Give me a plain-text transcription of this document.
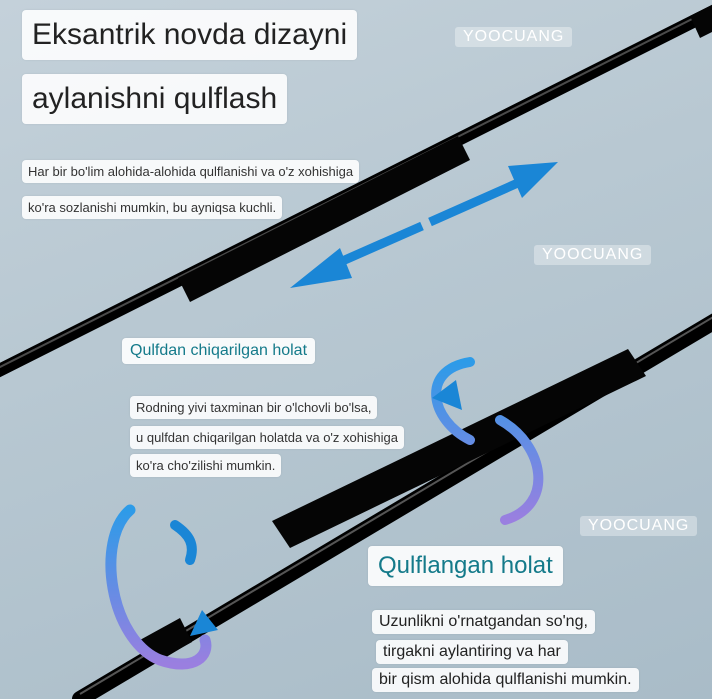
Eksantrik novda dizayni
aylanishni qulflash
Har bir bo'lim alohida-alohida qulflanishi va o'z xohishiga
ko'ra sozlanishi mumkin, bu ayniqsa kuchli.
Qulfdan chiqarilgan holat
Rodning yivi taxminan bir o'lchovli bo'lsa,
u qulfdan chiqarilgan holatda va o'z xohishiga
ko'ra cho'zilishi mumkin.
Qulflangan holat
Uzunlikni o'rnatgandan so'ng,
tirgakni aylantiring va har
bir qism alohida qulflanishi mumkin.
YOOCUANG
YOOCUANG
YOOCUANG
